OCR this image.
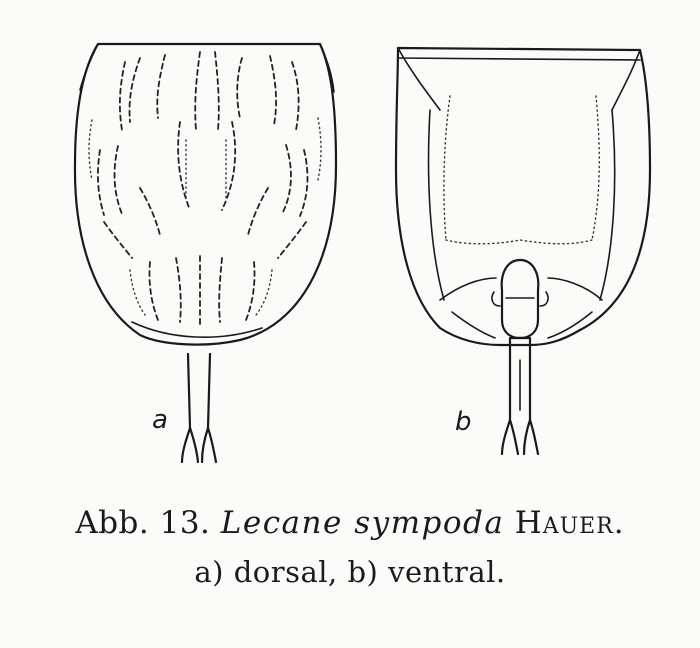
a	b

Abb. 13. Lecane sympoda Hauer.

a) dorsal, b) ventral.
